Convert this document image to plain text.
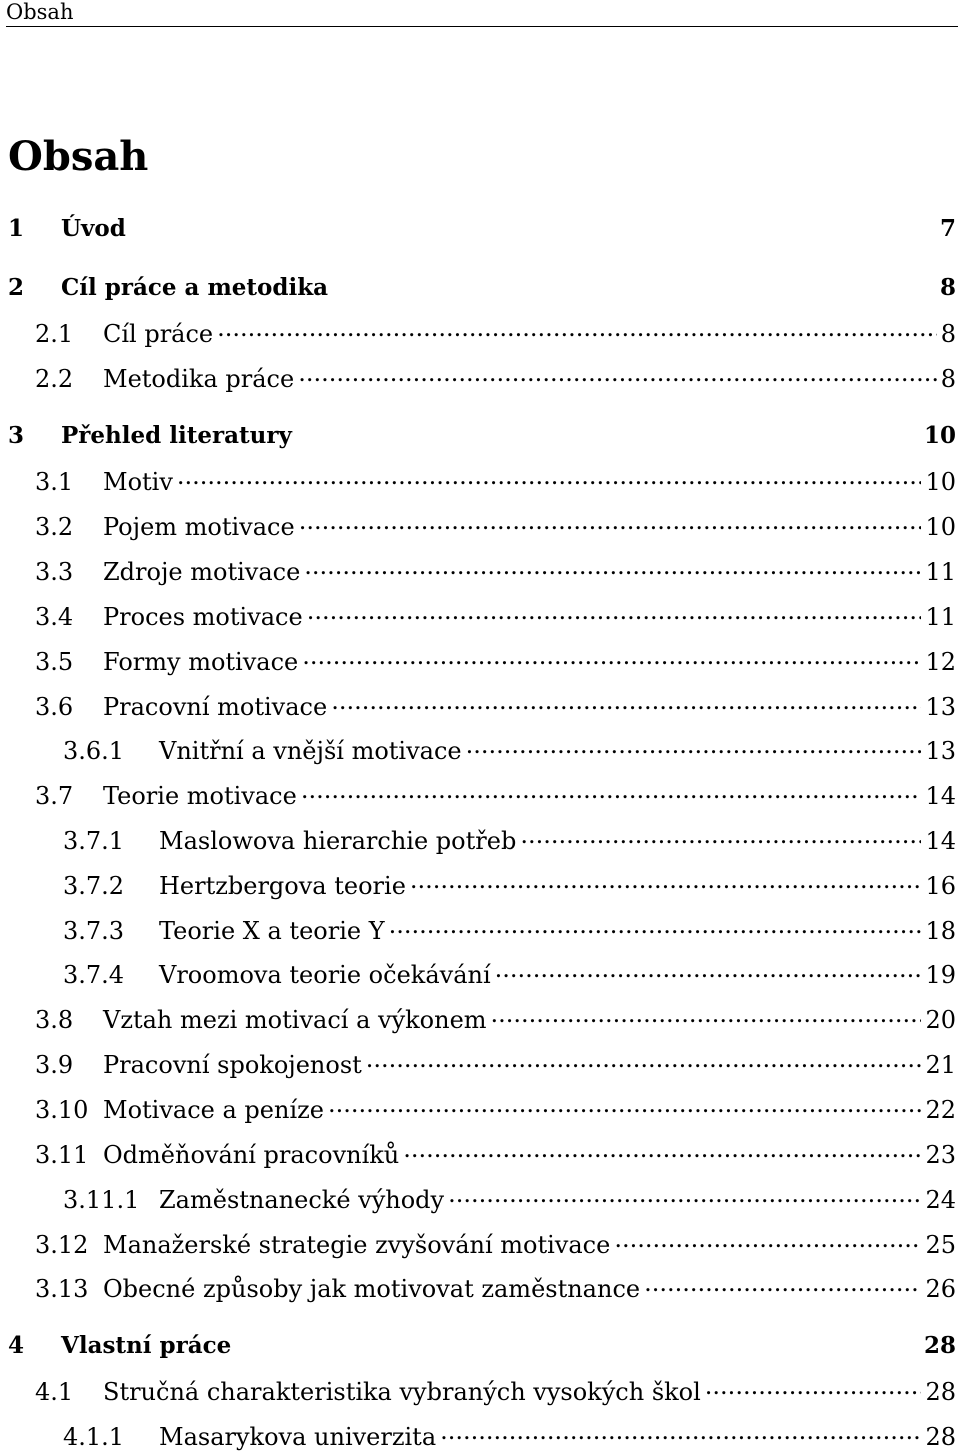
Obsah
Obsah
1	Úvod	7
2	Cíl práce a metodika	8
2.1	Cíl práce .....	8
2.2	Metodika práce .....	8
3	Přehled literatury	10
3.1	Motiv .....	10
3.2	Pojem motivace .....	10
3.3	Zdroje motivace .....	11
3.4	Proces motivace .....	11
3.5	Formy motivace .....	12
3.6	Pracovní motivace .....	13
3.6.1	Vnitřní a vnější motivace .....	13
3.7	Teorie motivace .....	14
3.7.1	Maslowova hierarchie potřeb .....	14
3.7.2	Hertzbergova teorie .....	16
3.7.3	Teorie X a teorie Y .....	18
3.7.4	Vroomova teorie očekávání .....	19
3.8	Vztah mezi motivací a výkonem .....	20
3.9	Pracovní spokojenost .....	21
3.10 Motivace a peníze .....	22
3.11 Odměňování pracovníků .....	23
3.11.1 Zaměstnanecké výhody .....	24
3.12 Manažerské strategie zvyšování motivace .....	25
3.13 Obecné způsoby jak motivovat zaměstnance .....	26
4	Vlastní práce	28
4.1	Stručná charakteristika vybraných vysokých škol .....	28
4.1.1	Masarykova univerzita .....	28
